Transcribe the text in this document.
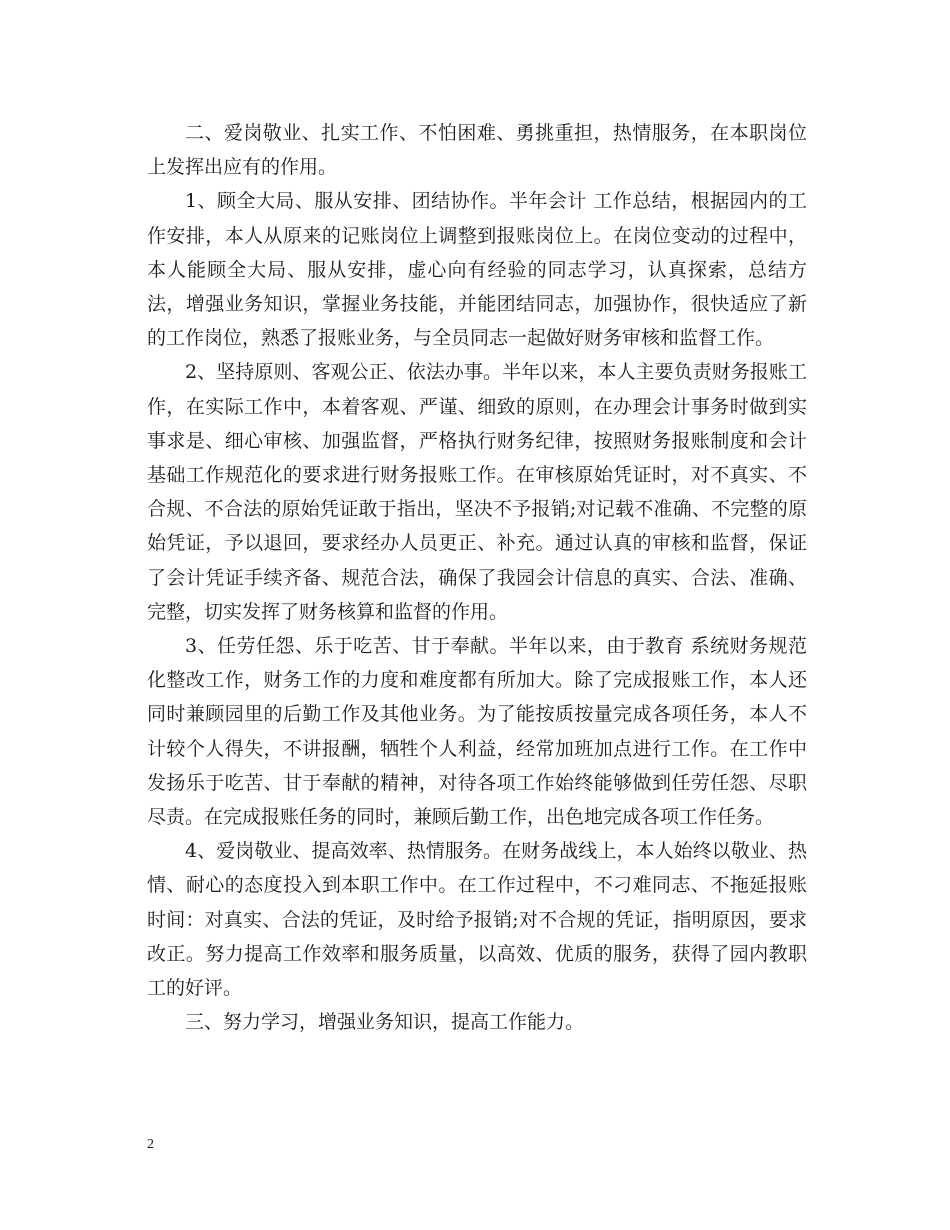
二、爱岗敬业、扎实工作、不怕困难、勇挑重担，热情服务，在本职岗位上发挥出应有的作用。

1、顾全大局、服从安排、团结协作。半年会计 工作总结，根据园内的工作安排，本人从原来的记账岗位上调整到报账岗位上。在岗位变动的过程中，本人能顾全大局、服从安排，虚心向有经验的同志学习，认真探索，总结方法，增强业务知识，掌握业务技能，并能团结同志，加强协作，很快适应了新的工作岗位，熟悉了报账业务，与全员同志一起做好财务审核和监督工作。

2、坚持原则、客观公正、依法办事。半年以来，本人主要负责财务报账工作，在实际工作中，本着客观、严谨、细致的原则，在办理会计事务时做到实事求是、细心审核、加强监督，严格执行财务纪律，按照财务报账制度和会计基础工作规范化的要求进行财务报账工作。在审核原始凭证时，对不真实、不合规、不合法的原始凭证敢于指出，坚决不予报销;对记载不准确、不完整的原始凭证，予以退回，要求经办人员更正、补充。通过认真的审核和监督，保证了会计凭证手续齐备、规范合法，确保了我园会计信息的真实、合法、准确、完整，切实发挥了财务核算和监督的作用。

3、任劳任怨、乐于吃苦、甘于奉献。半年以来，由于教育 系统财务规范化整改工作，财务工作的力度和难度都有所加大。除了完成报账工作，本人还同时兼顾园里的后勤工作及其他业务。为了能按质按量完成各项任务，本人不计较个人得失，不讲报酬，牺牲个人利益，经常加班加点进行工作。在工作中发扬乐于吃苦、甘于奉献的精神，对待各项工作始终能够做到任劳任怨、尽职尽责。在完成报账任务的同时，兼顾后勤工作，出色地完成各项工作任务。

4、爱岗敬业、提高效率、热情服务。在财务战线上，本人始终以敬业、热情、耐心的态度投入到本职工作中。在工作过程中，不刁难同志、不拖延报账时间：对真实、合法的凭证，及时给予报销;对不合规的凭证，指明原因，要求改正。努力提高工作效率和服务质量，以高效、优质的服务，获得了园内教职工的好评。

三、努力学习，增强业务知识，提高工作能力。

2
